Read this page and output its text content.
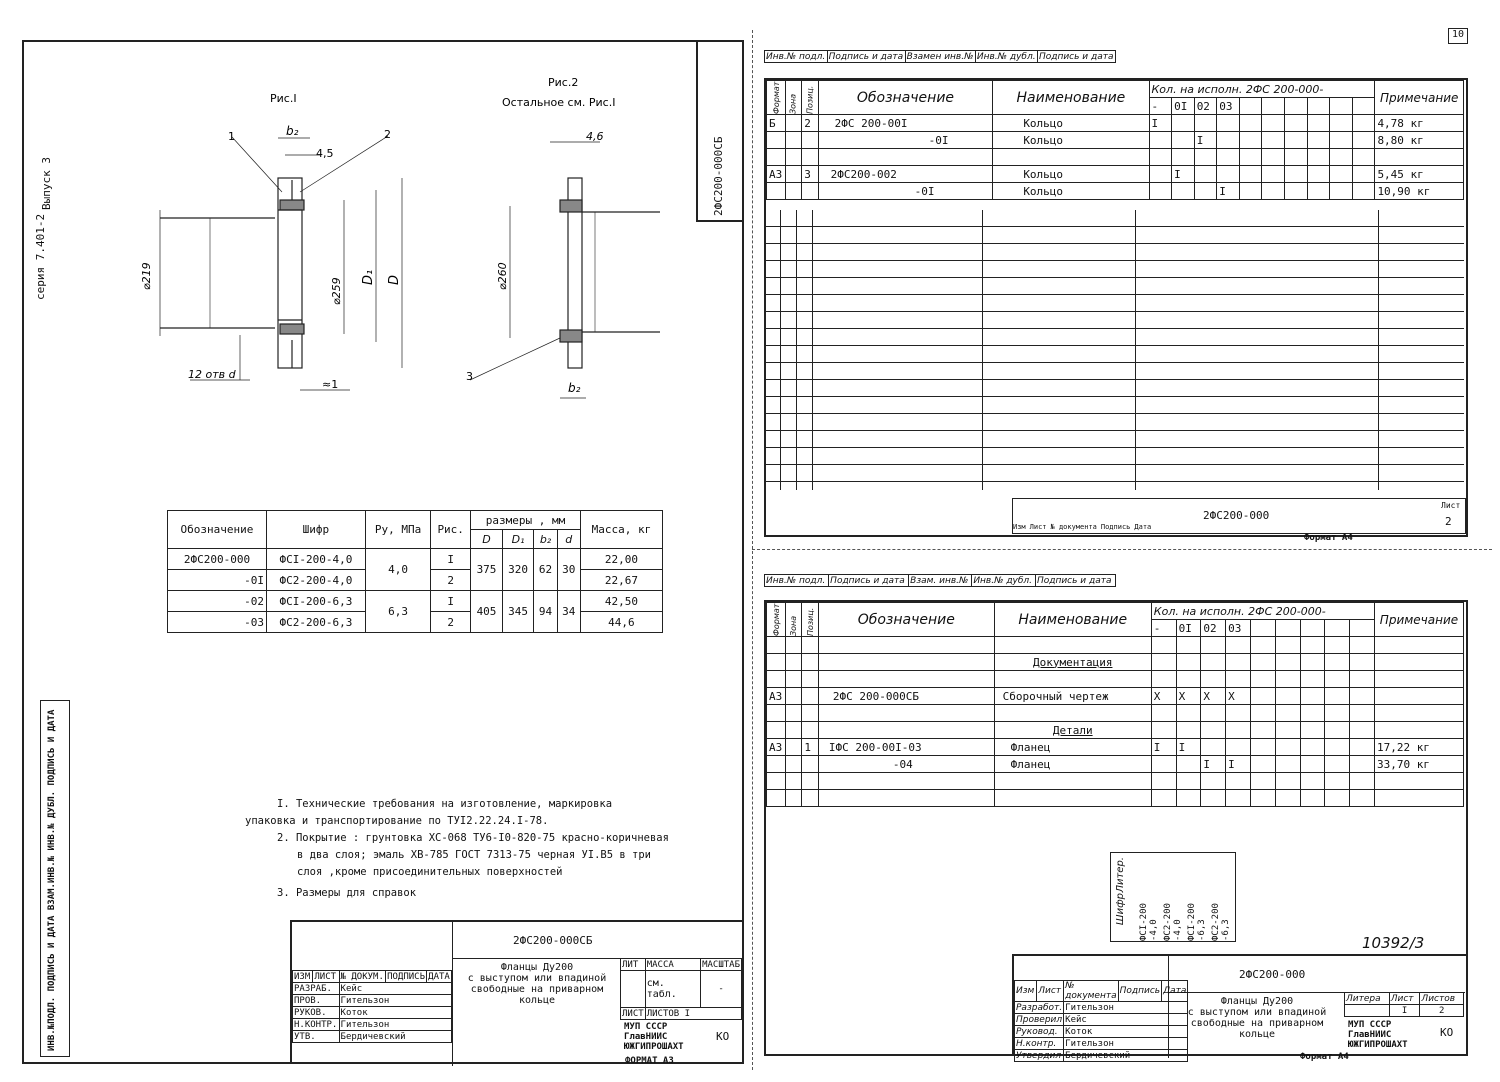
серия 7.401-2
Выпуск 3	2ФС200-000СБ
ИНВ.№ПОДЛ. ПОДПИСЬ И ДАТА ВЗАМ.ИНВ.№ ИНВ.№ ДУБЛ. ПОДПИСЬ И ДАТА
Рис.I
1	2
b₂
4,5
⌀219
⌀259 D₁ D
12 отв d
≈1
Рис.2
Остальное см. Рис.I
4,6
⌀260
3
b₂
Обозначение	Шифр	Py, МПа	Рис.	размеры , мм				Масса, кг
				D	D₁	b₂	d	
2ФС200-000	ФСI-200-4,0	4,0	I	375	320	62	30	22,00
-0I	ФС2-200-4,0		2					22,67
-02	ФСI-200-6,3	6,3	I	405	345	94	34	42,50
-03	ФС2-200-6,3		2					44,6
I. Технические требования на изготовление, маркировка
упаковка и транспортирование по ТУI2.22.24.I-78.
2. Покрытие : грунтовка ХС-068 ТУ6-I0-820-75 красно-коричневая
в два слоя; эмаль ХВ-785 ГОСТ 7313-75 черная УI.В5 в три
слоя ,кроме присоединительных поверхностей
3. Размеры для справок
2ФС200-000СБ
Фланцы Ду200
с выступом или впадиной
свободные на приварном
кольце
ЛИТ	МАССА	МАСШТАБ
	см. табл.	-
ЛИСТ	ЛИСТОВ I	
МУП СССР ГлавНИИС ЮЖГИПРОШАХТ
КО
ИЗМ	ЛИСТ	№ ДОКУМ.	ПОДПИСЬ	ДАТА
РАЗРАБ.		Кейс		
ПРОВ.		Гительзон		
РУКОВ.		Коток		
Н.КОНТР.		Гительзон		
УТВ.		Бердичевский		
ФОРМАТ А3
10
Инв.№ подл.	Подпись и дата	Взамен инв.№	Инв.№ дубл.	Подпись и дата
Формат	Зона	Позиц.	Обозначение	Наименование	Кол. на исполн. 2ФС 200-000-										Примечание
					-	0I	02	03							
Б		2	2ФС 200-00I	Кольцо	I										4,78 кг
			-0I	Кольцо			I								8,80 кг

А3		3	2ФС200-002	Кольцо		I									5,45 кг
			-0I	Кольцо				I							10,90 кг
2ФС200-000
Лист
2
Изм Лист № документа Подпись Дата
Формат А4
Инв.№ подл.	Подпись и дата	Взам. инв.№	Инв.№ дубл.	Подпись и дата
Формат	Зона	Позиц.	Обозначение	Наименование	Кол. на исполн. 2ФС 200-000-									Примечание
					-	0I	02	03						

				Документация										

А3			2ФС 200-000СБ	Сборочный чертеж	Х	Х	Х	Х						

				Детали										
А3		1	IФС 200-00I-03	Фланец	I	I								17,22 кг
			-04	Фланец			I	I						33,70 кг

Шифр
Литер.
ФСI-200 -4,0 ФС2-200 -4,0 ФСI-200 -6,3 ФС2-200 -6,3
10392/3
2ФС200-000
Фланцы Ду200
с выступом или впадиной
свободные на приварном
кольце
Литера	Лист	Листов
	I	2
МУП СССР ГлавНИИС ЮЖГИПРОШАХТ
КО
Изм	Лист	№ документа	Подпись	Дата
Разработ.		Гительзон		
Проверил		Кейс		
Руковод.		Коток		
Н.контр.		Гительзон		
Утвердил		Бердичевский			Формат А4
